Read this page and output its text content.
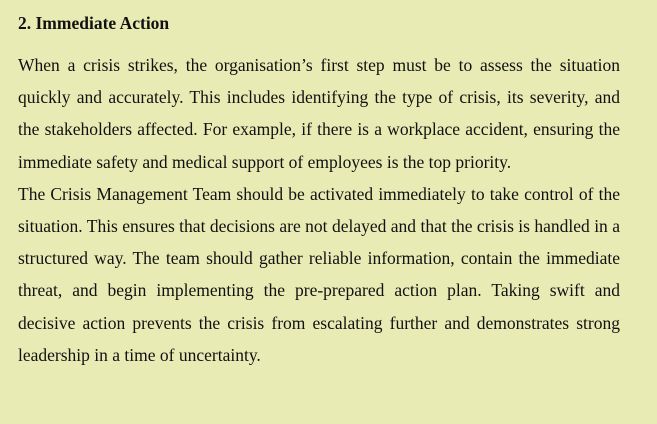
2. Immediate Action

When a crisis strikes, the organisation’s first step must be to assess the situation quickly and accurately. This includes identifying the type of crisis, its severity, and the stakeholders affected. For example, if there is a workplace accident, ensuring the immediate safety and medical support of employees is the top priority.

The Crisis Management Team should be activated immediately to take control of the situation. This ensures that decisions are not delayed and that the crisis is handled in a structured way. The team should gather reliable information, contain the immediate threat, and begin implementing the pre-prepared action plan. Taking swift and decisive action prevents the crisis from escalating further and demonstrates strong leadership in a time of uncertainty.
